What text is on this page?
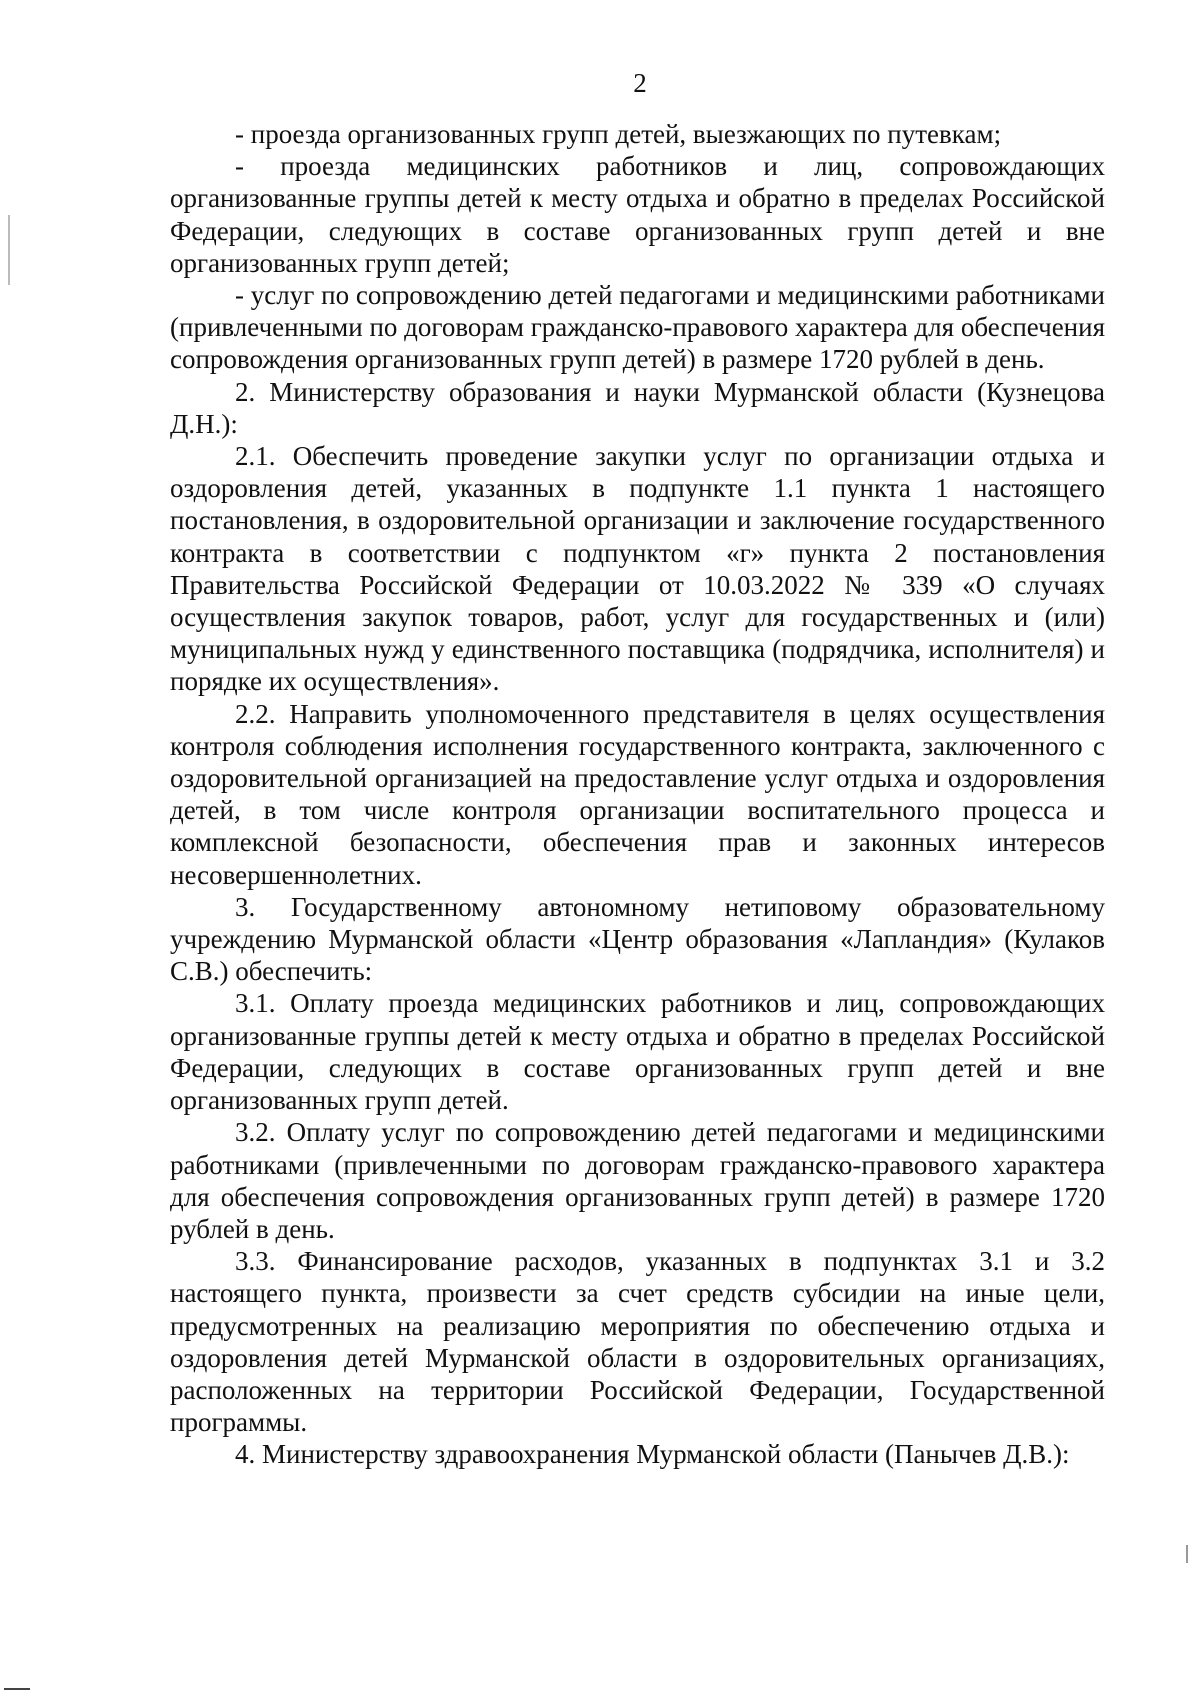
2

- проезда организованных групп детей, выезжающих по путевкам;

- проезда медицинских работников и лиц, сопровождающих организованные группы детей к месту отдыха и обратно в пределах Российской Федерации, следующих в составе организованных групп детей и вне организованных групп детей;

- услуг по сопровождению детей педагогами и медицинскими работниками (привлеченными по договорам гражданско-правового характера для обеспечения сопровождения организованных групп детей) в размере 1720 рублей в день.

2. Министерству образования и науки Мурманской области (Кузнецова Д.Н.):

2.1. Обеспечить проведение закупки услуг по организации отдыха и оздоровления детей, указанных в подпункте 1.1 пункта 1 настоящего постановления, в оздоровительной организации и заключение государственного контракта в соответствии с подпунктом «г» пункта 2 постановления Правительства Российской Федерации от 10.03.2022 № 339 «О случаях осуществления закупок товаров, работ, услуг для государственных и (или) муниципальных нужд у единственного поставщика (подрядчика, исполнителя) и порядке их осуществления».

2.2. Направить уполномоченного представителя в целях осуществления контроля соблюдения исполнения государственного контракта, заключенного с оздоровительной организацией на предоставление услуг отдыха и оздоровления детей, в том числе контроля организации воспитательного процесса и комплексной безопасности, обеспечения прав и законных интересов несовершеннолетних.

3. Государственному автономному нетиповому образовательному учреждению Мурманской области «Центр образования «Лапландия» (Кулаков С.В.) обеспечить:

3.1. Оплату проезда медицинских работников и лиц, сопровождающих организованные группы детей к месту отдыха и обратно в пределах Российской Федерации, следующих в составе организованных групп детей и вне организованных групп детей.

3.2. Оплату услуг по сопровождению детей педагогами и медицинскими работниками (привлеченными по договорам гражданско-правового характера для обеспечения сопровождения организованных групп детей) в размере 1720 рублей в день.

3.3. Финансирование расходов, указанных в подпунктах 3.1 и 3.2 настоящего пункта, произвести за счет средств субсидии на иные цели, предусмотренных на реализацию мероприятия по обеспечению отдыха и оздоровления детей Мурманской области в оздоровительных организациях, расположенных на территории Российской Федерации, Государственной программы.

4. Министерству здравоохранения Мурманской области (Панычев Д.В.):
